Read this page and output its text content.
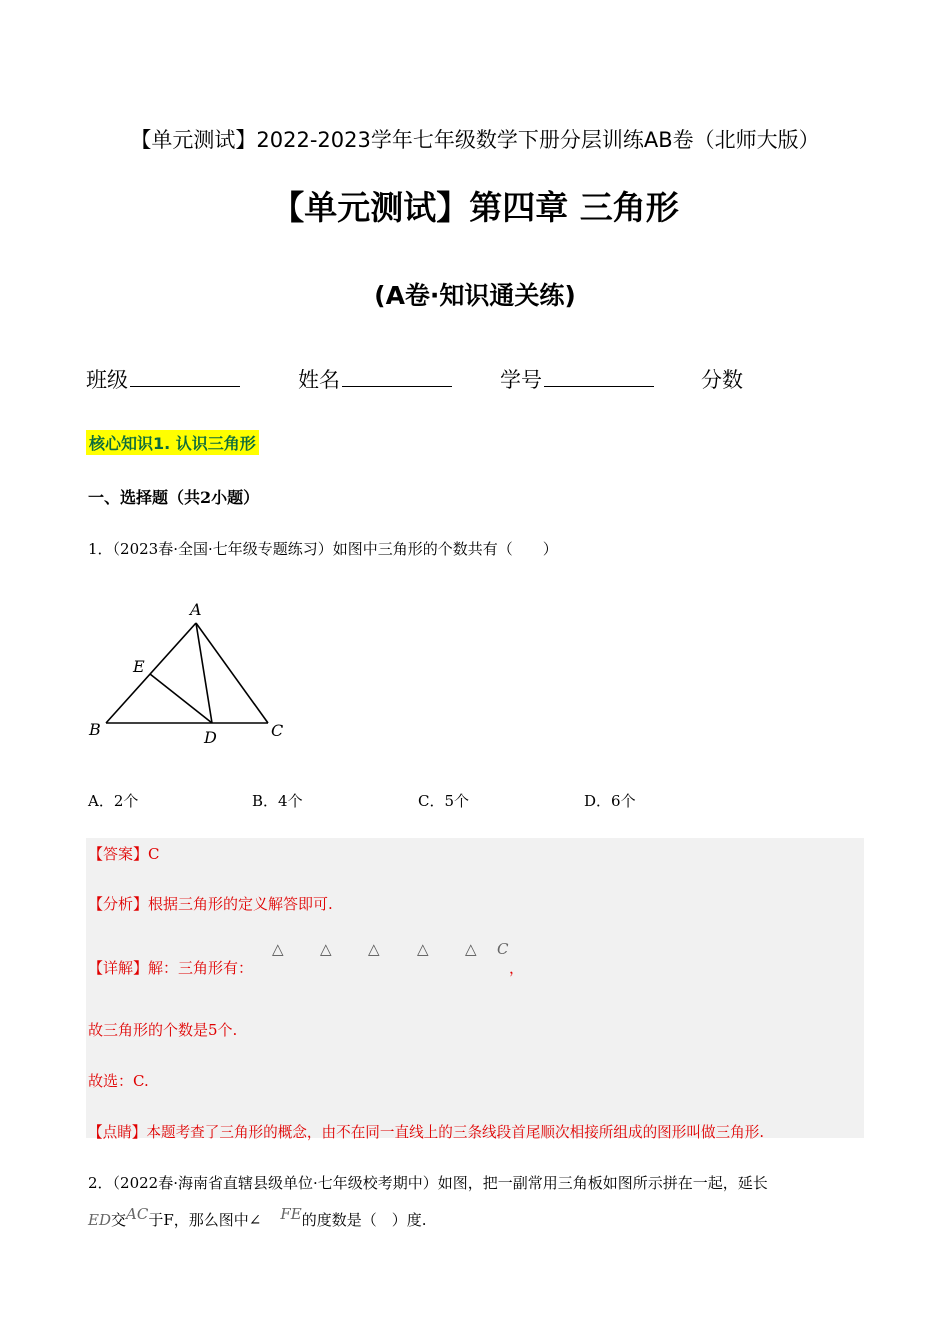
【单元测试】2022-2023学年七年级数学下册分层训练AB卷（北师大版）
【单元测试】第四章 三角形
(A卷·知识通关练)
班级	姓名	学号	分数
核心知识1. 认识三角形
一、选择题（共2小题）
1．（2023春·全国·七年级专题练习）如图中三角形的个数共有（　　）
A
E
B	D	C
A．2个	B．4个	C．5个	D．6个
【答案】C
【分析】根据三角形的定义解答即可.
【详解】解：三角形有：
△ △ △ △ △ C
，
故三角形的个数是5个.
故选：C.
【点睛】本题考查了三角形的概念，由不在同一直线上的三条线段首尾顺次相接所组成的图形叫做三角形.
2．（2022春·海南省直辖县级单位·七年级校考期中）如图，把一副常用三角板如图所示拼在一起，延长
ED交AC于F，那么图中∠ FE的度数是（　）度.
